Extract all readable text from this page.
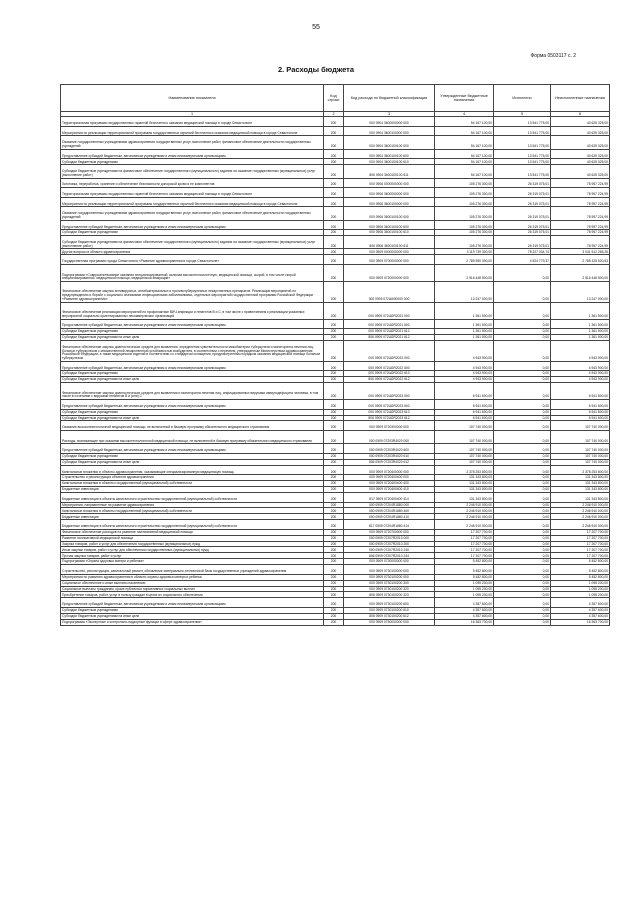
55
Форма 0503117 с. 2
2. Расходы бюджета
Наименование показателя	Код строки	Код расхода по бюджетной классификации	Утвержденные бюджетные назначения	Исполнено	Неисполненные назначения
1	2	3	4	5	6
Территориальная программа государственных гарантий бесплатного оказания медицинской помощи в городе Севастополе	200	000 0904 3600000000 000	54 167 100,00	13 541 775,00	40 625 325,00
Мероприятия по реализации территориальной программы государственных гарантий бесплатного оказания медицинской помощи в городе Севастополе	200	000 0904 3600100000 000	54 167 100,00	13 541 775,00	40 625 325,00
Оказание государственных учреждениями здравоохранения государственных услуг, выполнение работ, финансовое обеспечение деятельности государственных учреждений	200	000 0904 3600100100 000	54 167 100,00	13 541 775,00	40 625 325,00
Предоставление субсидий бюджетным, автономным учреждениям и иным некоммерческим организациям	200	000 0904 3600100100 600	54 167 100,00	13 541 775,00	40 625 325,00
Субсидии бюджетным учреждениям	200	000 0904 3600100100 610	54 167 100,00	13 541 775,00	40 625 325,00
Субсидии бюджетным учреждениям на финансовое обеспечение государственного (муниципального) задания на оказание государственных (муниципальных) услуг (выполнение работ)	200	806 0904 3600100100 611	54 167 100,00	13 541 775,00	40 625 325,00
Заготовка, переработка, хранение и обеспечение безопасности донорской крови и ее компонентов	200	000 0906 0000000000 000	105 276 300,00	26 319 075,01	78 957 224,99
Территориальная программа государственных гарантий бесплатного оказания медицинской помощи в городе Севастополе	200	000 0906 3600000000 000	105 276 300,00	26 319 075,01	78 957 224,99
Мероприятия по реализации территориальной программы государственных гарантий бесплатного оказания медицинской помощи в городе Севастополе	200	000 0906 3600100000 000	105 276 300,00	26 319 075,01	78 957 224,99
Оказание государственных учреждениями здравоохранения государственных услуг, выполнение работ, финансовое обеспечение деятельности государственных учреждений	200	000 0906 3600100100 000	105 276 300,00	26 319 075,01	78 957 224,99
Предоставление субсидий бюджетным, автономным учреждениям и иным некоммерческим организациям	200	000 0906 3600100100 600	105 276 300,00	26 319 075,01	78 957 224,99
Субсидии бюджетным учреждениям	200	000 0906 3600100100 610	105 276 300,00	26 319 075,01	78 957 224,99
Субсидии бюджетным учреждениям на финансовое обеспечение государственного (муниципального) задания на оказание государственных (муниципальных) услуг (выполнение работ)	200	806 0906 3600100100 611	105 276 300,00	26 319 075,01	78 957 224,99
Другие вопросы в области здравоохранения	200	000 0909 0000000000 000	3 119 739 300,00	78 227 034,74	3 041 512 265,26
Государственная программа города Севастополя «Развитие здравоохранения в городе Севастополе»	200	000 0909 0700000000 000	2 789 950 300,00	4 524 779,37	2 785 425 520,63
Подпрограмма «Совершенствование оказания специализированной, включая высокотехнологичную, медицинской помощи, скорой, в том числе скорой специализированной, медицинской помощи, медицинской эвакуации»	200	000 0909 0720000000 000	2 516 448 500,00	0,00	2 516 448 500,00
Финансовое обеспечение закупок антивирусных, антибактериальных и противотуберкулезных лекарственных препаратов. Реализация мероприятий по предупреждению и борьбе с социально значимыми инфекционными заболеваниями, отдельных мероприятий государственной программы Российской Федерации «Развитие здравоохранения»	200	000 0909 072Ш000000 000	13 247 000,00	0,00	13 247 000,00
Финансовое обеспечение реализации мероприятий по профилактике ВИЧ-инфекции и гепатитов B и C, в том числе с привлечением к реализации указанных мероприятий социально ориентированных некоммерческих организаций	200	000 0909 072Ш2R2021 000	1 361 500,00	0,00	1 361 500,00
Предоставление субсидий бюджетным, автономным учреждениям и иным некоммерческим организациям	200	000 0909 072Ш2R2021 600	1 361 500,00	0,00	1 361 500,00
Субсидии бюджетным учреждениям	200	000 0909 072Ш2R2021 610	1 361 500,00	0,00	1 361 500,00
Субсидии бюджетным учреждениям на иные цели	200	806 0909 072Ш2R2021 612	1 361 500,00	0,00	1 361 500,00
Финансовое обеспечение закупок диагностических средств для выявления, определения чувствительности микобактерии туберкулеза и мониторинга лечения лиц, больных туберкулезом с множественной лекарственной устойчивостью возбудителя, в соответствии с перечнем, утвержденным Министерством здравоохранения Российской Федерации, а также медицинских изделий в соответствии со стандартом оснащения, предусмотренным порядком оказания медицинской помощи больным туберкулезом	200	000 0909 072Ш2R2022 000	4 943 900,00	0,00	4 943 900,00
Предоставление субсидий бюджетным, автономным учреждениям и иным некоммерческим организациям	200	000 0909 072Ш2R2022 600	4 943 900,00	0,00	4 943 900,00
Субсидии бюджетным учреждениям	200	000 0909 072Ш2R2022 610	4 943 900,00	0,00	4 943 900,00
Субсидии бюджетным учреждениям на иные цели	200	806 0909 072Ш2R2022 612	4 943 900,00	0,00	4 943 900,00
Финансовое обеспечение закупок диагностических средств для выявления и мониторинга лечения лиц, инфицированных вирусами иммунодефицита человека, в том числе в сочетании с вирусами гепатитов B и (или) C	200	000 0909 072Ш2R2023 000	6 941 600,00	0,00	6 941 600,00
Предоставление субсидий бюджетным, автономным учреждениям и иным некоммерческим организациям	200	000 0909 072Ш2R2023 600	6 941 600,00	0,00	6 941 600,00
Субсидии бюджетным учреждениям	200	000 0909 072Ш2R2023 610	6 941 600,00	0,00	6 941 600,00
Субсидии бюджетным учреждениям на иные цели	200	806 0909 072Ш2R2023 612	6 941 600,00	0,00	6 941 600,00
Оказание высокотехнологичной медицинской помощи, не включенной в базовую программу обязательного медицинского страхования	200	000 0909 0720300000 000	107 740 000,00	0,00	107 740 000,00
Расходы, возникающие при оказании высокотехнологичной медицинской помощи, не включенной в базовую программу обязательного медицинского страхования	200	000 0909 07203R4020 000	107 740 000,00	0,00	107 740 000,00
Предоставление субсидий бюджетным, автономным учреждениям и иным некоммерческим организациям	200	000 0909 07203R4020 600	107 740 000,00	0,00	107 740 000,00
Субсидии бюджетным учреждениям	200	000 0909 07203R4020 610	107 740 000,00	0,00	107 740 000,00
Субсидии бюджетным учреждениям на иные цели	200	806 0909 07203R4020 612	107 740 000,00	0,00	107 740 000,00
Капитальные вложения в объекты здравоохранения, оказывающие специализированную медицинскую помощь	200	000 0909 0720400000 000	2 378 253 800,00	0,00	2 378 253 800,00
Строительство и реконструкция объектов здравоохранения	200	000 0909 0720400400 000	131 343 800,00	0,00	131 343 800,00
Капитальные вложения в объекты государственной (муниципальной) собственности	200	000 0909 0720400400 400	131 343 800,00	0,00	131 343 800,00
Бюджетные инвестиции	200	000 0909 0720400400 410	131 343 800,00	0,00	131 343 800,00
Бюджетные инвестиции в объекты капитального строительства государственной (муниципальной) собственности	200	817 0909 0720400400 414	131 343 800,00	0,00	131 343 800,00
Мероприятия, направленные на развитие здравоохранения	200	000 0909 07204R1880 000	2 246 910 000,00	0,00	2 246 910 000,00
Капитальные вложения в объекты государственной (муниципальной) собственности	200	000 0909 07204R1880 400	2 246 910 000,00	0,00	2 246 910 000,00
Бюджетные инвестиции	200	000 0909 07204R1880 410	2 246 910 000,00	0,00	2 246 910 000,00
Бюджетные инвестиции в объекты капитального строительства государственной (муниципальной) собственности	200	817 0909 07204R1880 414	2 246 910 000,00	0,00	2 246 910 000,00
Финансовое обеспечение расходов на развитие паллиативной медицинской помощи	200	000 0909 0720700000 000	17 207 700,00	0,00	17 207 700,00
Развитие паллиативной медицинской помощи	200	000 0909 07207R2010 000	17 207 700,00	0,00	17 207 700,00
Закупка товаров, работ и услуг для обеспечения государственных (муниципальных) нужд	200	000 0909 07207R2010 200	17 207 700,00	0,00	17 207 700,00
Иные закупки товаров, работ и услуг для обеспечения государственных (муниципальных) нужд	200	000 0909 07207R2010 240	17 207 700,00	0,00	17 207 700,00
Прочая закупка товаров, работ и услуг	200	806 0909 07207R2010 244	17 207 700,00	0,00	17 207 700,00
Подпрограмма «Охрана здоровья матери и ребенка»	200	000 0909 0730000000 000	5 452 800,00	0,00	5 452 800,00
Строительство, реконструкция, капитальный ремонт, обновление материально-технической базы государственных учреждений здравоохранения	200	000 0909 0730100000 000	5 452 800,00	0,00	5 452 800,00
Мероприятия по развитию здравоохранения в области охраны здоровья матери и ребенка	200	000 0909 0730100200 000	5 452 800,00	0,00	5 452 800,00
Социальное обеспечение и иные выплаты населению	200	000 0909 0730100200 300	1 095 200,00	0,00	1 095 200,00
Социальные выплаты гражданам, кроме публичных нормативных социальных выплат	200	000 0909 0730100200 320	1 095 200,00	0,00	1 095 200,00
Приобретение товаров, работ, услуг в пользу граждан в целях их социального обеспечения	200	806 0909 0730100200 323	1 095 200,00	0,00	1 095 200,00
Предоставление субсидий бюджетным, автономным учреждениям и иным некоммерческим организациям	200	000 0909 0730100200 600	4 357 600,00	0,00	4 357 600,00
Субсидии бюджетным учреждениям	200	000 0909 0730100200 610	4 357 600,00	0,00	4 357 600,00
Субсидии бюджетным учреждениям на иные цели	200	806 0909 0730100200 612	4 357 600,00	0,00	4 357 600,00
Подпрограмма «Экспертные и контрольно-надзорные функции в сфере здравоохранения»	200	000 0909 0750000000 000	16 363 700,00	0,00	16 363 700,00
